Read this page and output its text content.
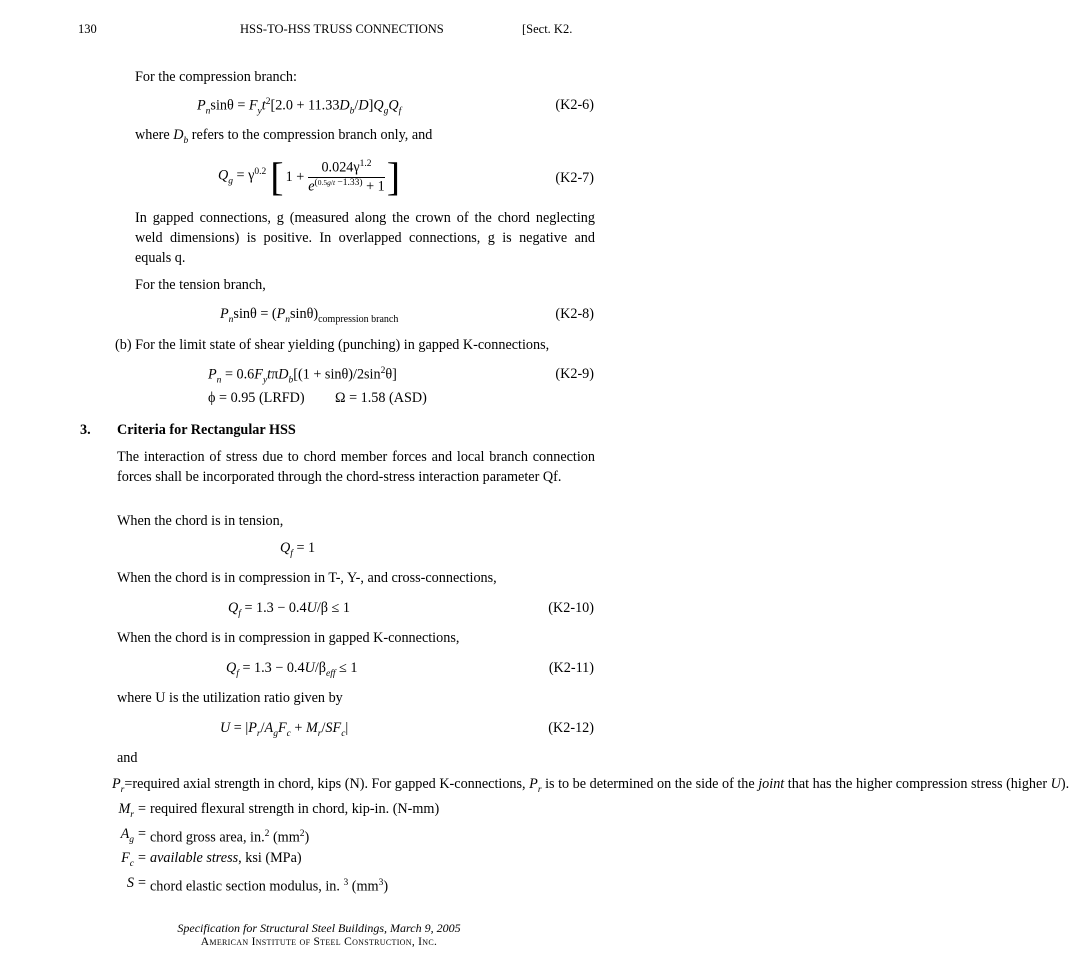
130	HSS-TO-HSS TRUSS CONNECTIONS	[Sect. K2.
For the compression branch:
$P_n\sin\theta = F_yt^2[2.0 + 11.33D_b/D]Q_gQ_f$	(K2-6)
where $D_b$ refers to the compression branch only, and
$Q_g = \gamma^{0.2}$ [ 1 +
$0.024\gamma^{1.2}$
$e^{(0.5g/t -1.33)} + 1$ ]	(K2-7)
In gapped connections, g (measured along the crown of the chord neglecting weld dimensions) is positive. In overlapped connections, g is negative and equals q.
For the tension branch,
$P_n\sin\theta = (P_n\sin\theta)_{compression branch}$	(K2-8)
(b) For the limit state of shear yielding (punching) in gapped K-connections,
$P_n = 0.6F_yt\pi D_b[(1 + \sin\theta)/2\sin^2\theta]$	(K2-9)
ϕ = 0.95 (LRFD) Ω = 1.58 (ASD)
3. Criteria for Rectangular HSS
The interaction of stress due to chord member forces and local branch connection forces shall be incorporated through the chord-stress interaction parameter Qf.
When the chord is in tension,
$Q_f = 1$
When the chord is in compression in T-, Y-, and cross-connections,
$Q_f = 1.3 - 0.4U/\beta \le 1$	(K2-10)
When the chord is in compression in gapped K-connections,
$Q_f = 1.3 - 0.4U/\beta_{eff} \le 1$	(K2-11)
where U is the utilization ratio given by
$U = |P_r/A_gF_c + M_r/SF_c|$	(K2-12)
and
$P_r$ = required axial strength in chord, kips (N). For gapped K-connections, $P_r$ is to be determined on the side of the joint that has the higher compression stress (higher U).
$M_r$ = required flexural strength in chord, kip-in. (N-mm)
$A_g$ = chord gross area, in.$^2$ $(mm^2)$
$F_c$ = available stress, ksi (MPa)
S = chord elastic section modulus, in. $^3$ $(mm^3)$
Specification for Structural Steel Buildings, March 9, 2005
American Institute of Steel Construction, Inc.
